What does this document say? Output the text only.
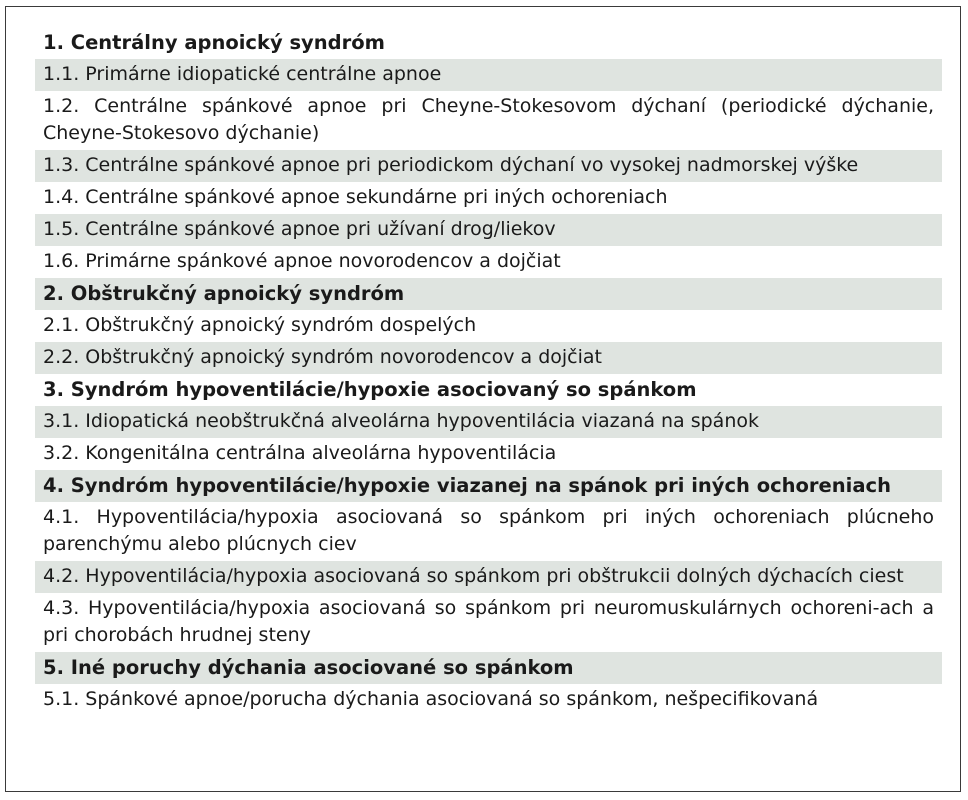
1. Centrálny apnoický syndróm
1.1. Primárne idiopatické centrálne apnoe
1.2. Centrálne spánkové apnoe pri Cheyne-Stokesovom dýchaní (periodické dýchanie, Cheyne-Stokesovo dýchanie)
1.3. Centrálne spánkové apnoe pri periodickom dýchaní vo vysokej nadmorskej výške
1.4. Centrálne spánkové apnoe sekundárne pri iných ochoreniach
1.5. Centrálne spánkové apnoe pri užívaní drog/liekov
1.6. Primárne spánkové apnoe novorodencov a dojčiat
2. Obštrukčný apnoický syndróm
2.1. Obštrukčný apnoický syndróm dospelých
2.2. Obštrukčný apnoický syndróm novorodencov a dojčiat
3. Syndróm hypoventilácie/hypoxie asociovaný so spánkom
3.1. Idiopatická neobštrukčná alveolárna hypoventilácia viazaná na spánok
3.2. Kongenitálna centrálna alveolárna hypoventilácia
4. Syndróm hypoventilácie/hypoxie viazanej na spánok pri iných ochoreniach
4.1. Hypoventilácia/hypoxia asociovaná so spánkom pri iných ochoreniach plúcneho parenchýmu alebo plúcnych ciev
4.2. Hypoventilácia/hypoxia asociovaná so spánkom pri obštrukcii dolných dýchacích ciest
4.3. Hypoventilácia/hypoxia asociovaná so spánkom pri neuromuskulárnych ochoreni-ach a pri chorobách hrudnej steny
5. Iné poruchy dýchania asociované so spánkom
5.1. Spánkové apnoe/porucha dýchania asociovaná so spánkom, nešpecifikovaná
